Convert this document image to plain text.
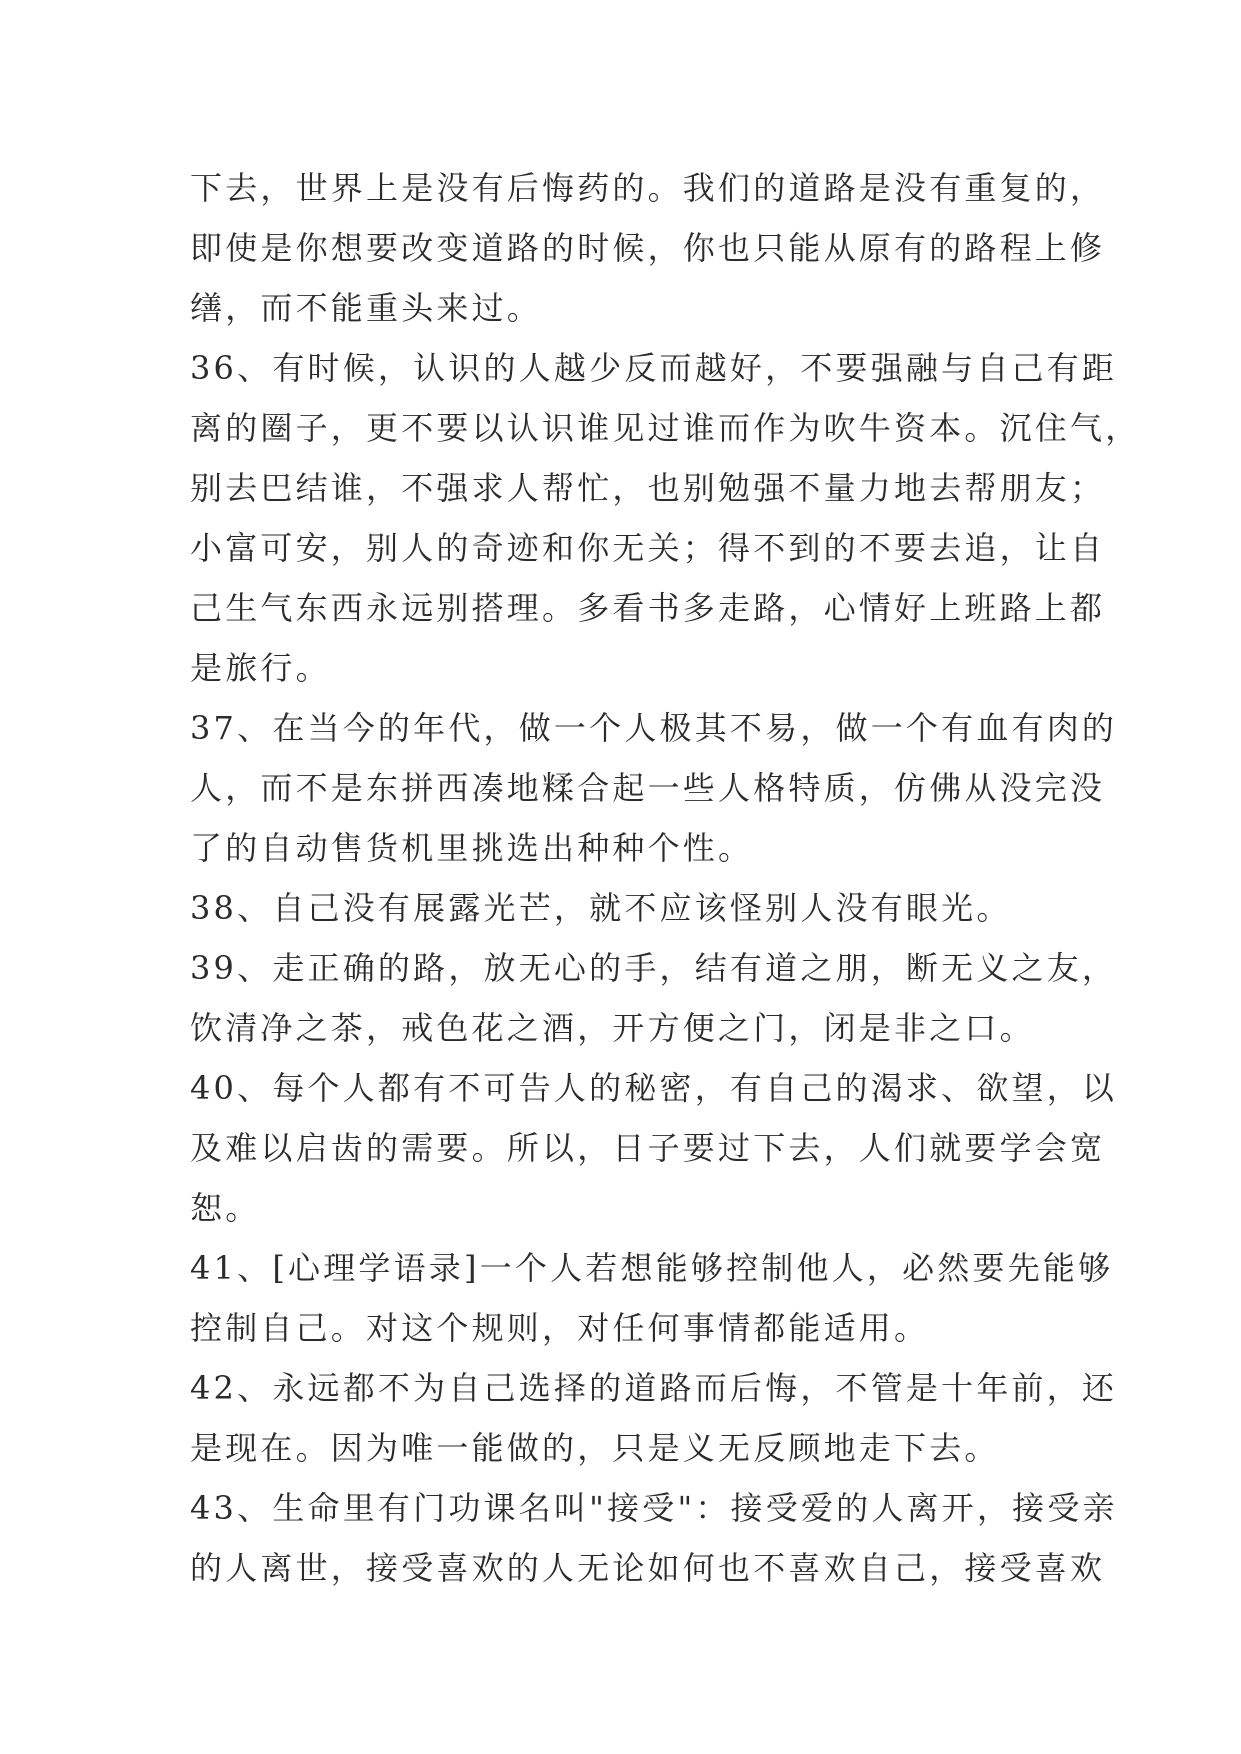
下去，世界上是没有后悔药的。我们的道路是没有重复的，
即使是你想要改变道路的时候，你也只能从原有的路程上修
缮，而不能重头来过。
36、有时候，认识的人越少反而越好，不要强融与自己有距
离的圈子，更不要以认识谁见过谁而作为吹牛资本。沉住气，
别去巴结谁，不强求人帮忙，也别勉强不量力地去帮朋友；
小富可安，别人的奇迹和你无关；得不到的不要去追，让自
己生气东西永远别搭理。多看书多走路，心情好上班路上都
是旅行。
37、在当今的年代，做一个人极其不易，做一个有血有肉的
人，而不是东拼西凑地糅合起一些人格特质，仿佛从没完没
了的自动售货机里挑选出种种个性。
38、自己没有展露光芒，就不应该怪别人没有眼光。
39、走正确的路，放无心的手，结有道之朋，断无义之友，
饮清净之茶，戒色花之酒，开方便之门，闭是非之口。
40、每个人都有不可告人的秘密，有自己的渴求、欲望，以
及难以启齿的需要。所以，日子要过下去，人们就要学会宽
恕。
41、[心理学语录]一个人若想能够控制他人，必然要先能够
控制自己。对这个规则，对任何事情都能适用。
42、永远都不为自己选择的道路而后悔，不管是十年前，还
是现在。因为唯一能做的，只是义无反顾地走下去。
43、生命里有门功课名叫"接受"：接受爱的人离开，接受亲
的人离世，接受喜欢的人无论如何也不喜欢自己，接受喜欢
